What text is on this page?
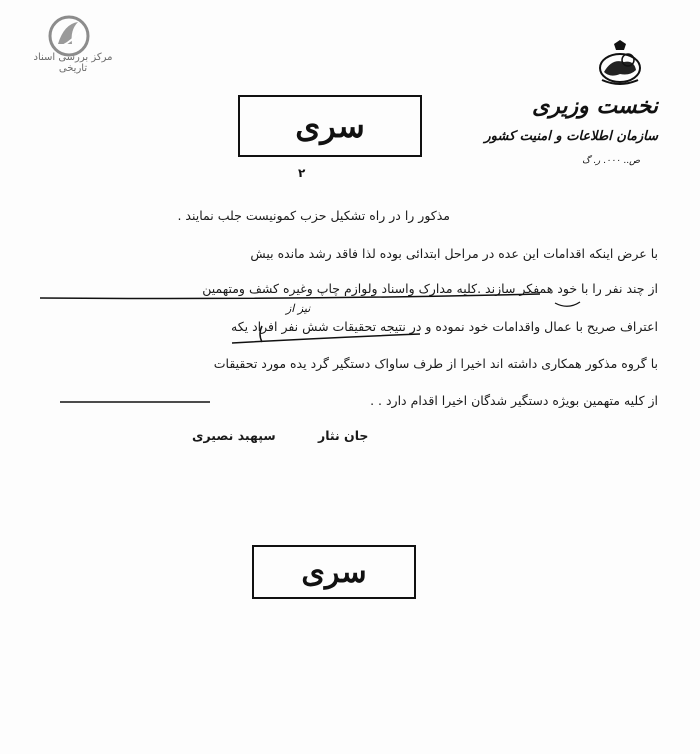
مرکز بررسی اسناد تاریخی
نخست وزیری
سازمان اطلاعات و امنیت کشور
ص.. ۰۰۰. ر. گ
سری
سری
۲
مذکور را در راه تشکیل حزب کمونیست جلب نمایند .
با عرض اینکه اقدامات این عده در مراحل ابتدائی بوده لذا فاقد رشد مانده بیش
از چند نفر را با خود همفکر سازند .کلیه مدارک واسناد ولوازم چاپ وغیره کشف ومتهمین
اعتراف صریح با عمال واقدامات خود نموده و در نتیجه تحقیقات شش نفر افراد یکه
با گروه مذکور همکاری داشته اند اخیرا از طرف ساواک دستگیر گرد یده مورد تحقیقات
از کلیه متهمین بویژه دستگیر شدگان اخیرا اقدام دارد . .
نیز از
سپهبد نصیری	جان نثار
